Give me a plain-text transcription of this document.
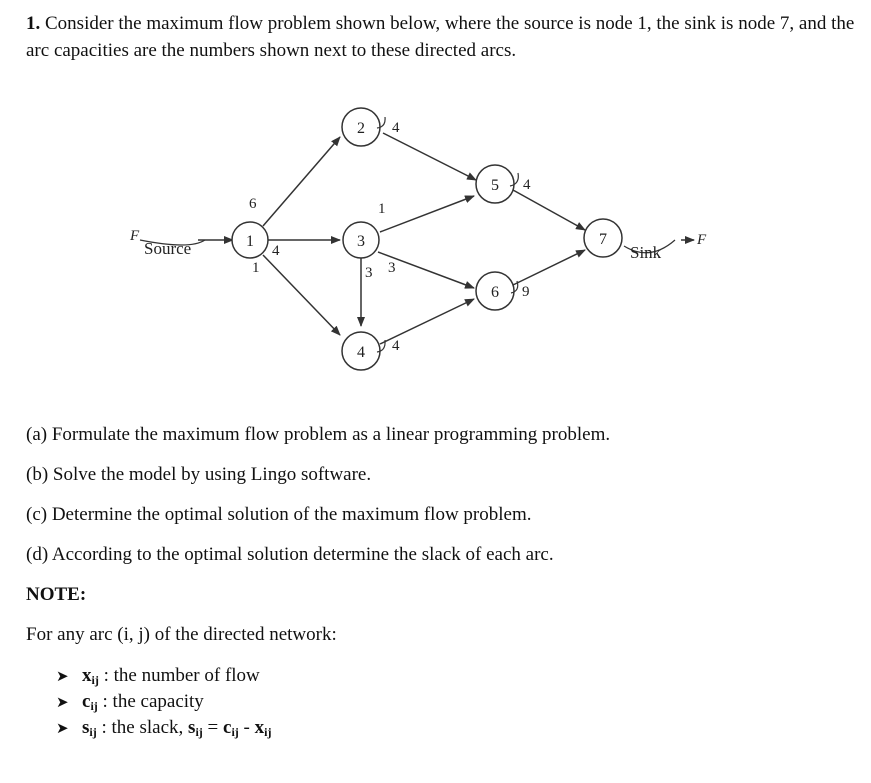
1. Consider the maximum flow problem shown below, where the source is node 1, the sink is node 7, and the arc capacities are the numbers shown next to these directed arcs.

1
2
3
4
5
6
7
F
Source	Sink
F
6
4
1
4
1
3 3
4
4
9

(a) Formulate the maximum flow problem as a linear programming problem.

(b) Solve the model by using Lingo software.

(c) Determine the optimal solution of the maximum flow problem.

(d) According to the optimal solution determine the slack of each arc.

NOTE:

For any arc (i, j) of the directed network:

➤ $x_{ij}$ : the number of flow
➤ $c_{ij}$ : the capacity
➤ $s_{ij}$ : the slack, $s_{ij} = c_{ij} - x_{ij}$
